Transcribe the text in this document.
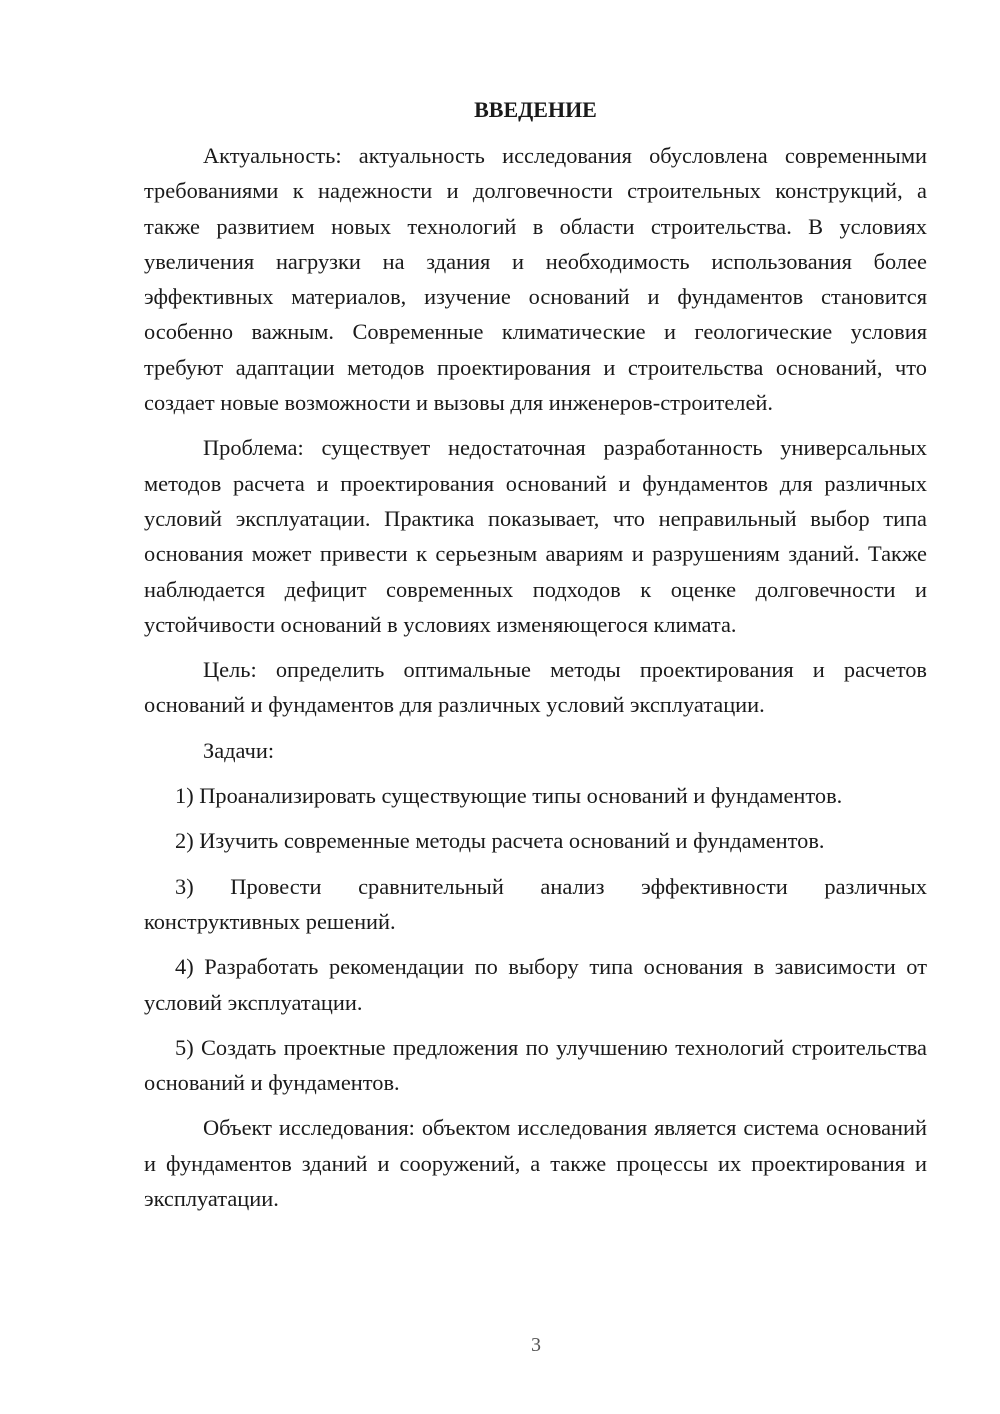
ВВЕДЕНИЕ

Актуальность: актуальность исследования обусловлена современными требованиями к надежности и долговечности строительных конструкций, а также развитием новых технологий в области строительства. В условиях увеличения нагрузки на здания и необходимость использования более эффективных материалов, изучение оснований и фундаментов становится особенно важным. Современные климатические и геологические условия требуют адаптации методов проектирования и строительства оснований, что создает новые возможности и вызовы для инженеров-строителей.

Проблема: существует недостаточная разработанность универсальных методов расчета и проектирования оснований и фундаментов для различных условий эксплуатации. Практика показывает, что неправильный выбор типа основания может привести к серьезным авариям и разрушениям зданий. Также наблюдается дефицит современных подходов к оценке долговечности и устойчивости оснований в условиях изменяющегося климата.

Цель: определить оптимальные методы проектирования и расчетов оснований и фундаментов для различных условий эксплуатации.

Задачи:

1) Проанализировать существующие типы оснований и фундаментов.

2) Изучить современные методы расчета оснований и фундаментов.

3) Провести сравнительный анализ эффективности различных конструктивных решений.

4) Разработать рекомендации по выбору типа основания в зависимости от условий эксплуатации.

5) Создать проектные предложения по улучшению технологий строительства оснований и фундаментов.

Объект исследования: объектом исследования является система оснований и фундаментов зданий и сооружений, а также процессы их проектирования и эксплуатации.

3
